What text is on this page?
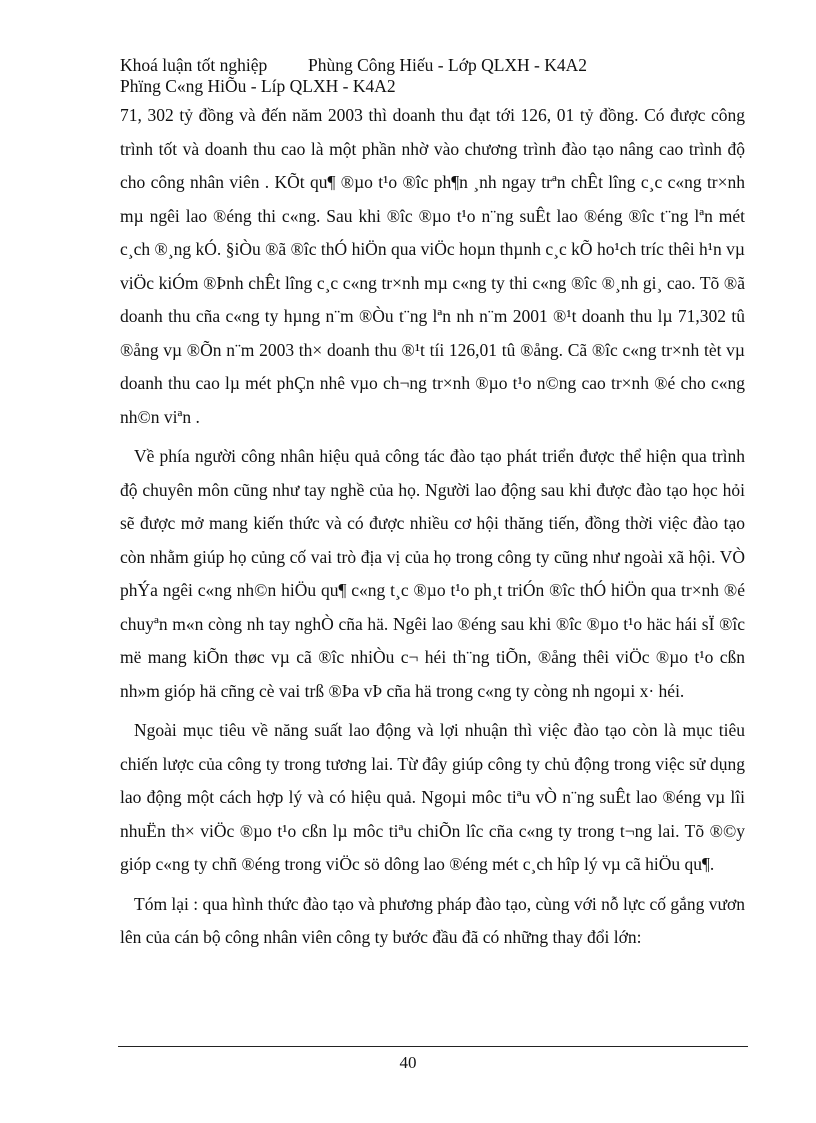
Khoá luận tốt nghiệp Phùng Công Hiếu - Lớp QLXH - K4A2
Phïng C«ng HiÕu - Líp QLXH - K4A2

71, 302 tỷ đồng và đến năm 2003 thì doanh thu đạt tới 126, 01 tỷ đồng. Có được công trình tốt và doanh thu cao là một phần nhờ vào chương trình đào tạo nâng cao trình độ cho công nhân viên . KÕt qu¶ ®µo t¹o ®îc ph¶n ¸nh ngay trªn chÊt lîng c¸c c«ng tr×nh mµ ngêi lao ®éng thi c«ng. Sau khi ®îc ®µo t¹o n¨ng suÊt lao ®éng ®îc t¨ng lªn mét c¸ch ®¸ng kÓ. §iÒu ®ã ®îc thÓ hiÖn qua viÖc hoµn thµnh c¸c kÕ ho¹ch tríc thêi h¹n vµ viÖc kiÓm ®Þnh chÊt lîng c¸c c«ng tr×nh mµ c«ng ty thi c«ng ®îc ®¸nh gi¸ cao. Tõ ®ã doanh thu cña c«ng ty hµng n¨m ®Òu t¨ng lªn nh n¨m 2001 ®¹t doanh thu lµ 71,302 tû ®ång vµ ®Õn n¨m 2003 th× doanh thu ®¹t tíi 126,01 tû ®ång. Cã ®îc c«ng tr×nh tèt vµ doanh thu cao lµ mét phÇn nhê vµo ch¬ng tr×nh ®µo t¹o n©ng cao tr×nh ®é cho c«ng nh©n viªn .

Về phía người công nhân hiệu quả công tác đào tạo phát triển được thể hiện qua trình độ chuyên môn cũng như tay nghề của họ. Người lao động sau khi được đào tạo học hỏi sẽ được mở mang kiến thức và có được nhiều cơ hội thăng tiến, đồng thời việc đào tạo còn nhằm giúp họ củng cố vai trò địa vị của họ trong công ty cũng như ngoài xã hội. VÒ phÝa ngêi c«ng nh©n hiÖu qu¶ c«ng t¸c ®µo t¹o ph¸t triÓn ®îc thÓ hiÖn qua tr×nh ®é chuyªn m«n còng nh tay nghÒ cña hä. Ngêi lao ®éng sau khi ®îc ®µo t¹o häc hái sÏ ®îc më mang kiÕn thøc vµ cã ®îc nhiÒu c¬ héi th¨ng tiÕn, ®ång thêi viÖc ®µo t¹o cßn nh»m gióp hä cñng cè vai trß ®Þa vÞ cña hä trong c«ng ty còng nh ngoµi x· héi.

Ngoài mục tiêu về năng suất lao động và lợi nhuận thì việc đào tạo còn là mục tiêu chiến lược của công ty trong tương lai. Từ đây giúp công ty chủ động trong việc sử dụng lao động một cách hợp lý và có hiệu quả. Ngoµi môc tiªu vÒ n¨ng suÊt lao ®éng vµ lîi nhuËn th× viÖc ®µo t¹o cßn lµ môc tiªu chiÕn lîc cña c«ng ty trong t¬ng lai. Tõ ®©y gióp c«ng ty chñ ®éng trong viÖc sö dông lao ®éng mét c¸ch hîp lý vµ cã hiÖu qu¶.

Tóm lại : qua hình thức đào tạo và phương pháp đào tạo, cùng với nỗ lực cố gắng vươn lên của cán bộ công nhân viên công ty bước đầu đã có những thay đổi lớn:

40
